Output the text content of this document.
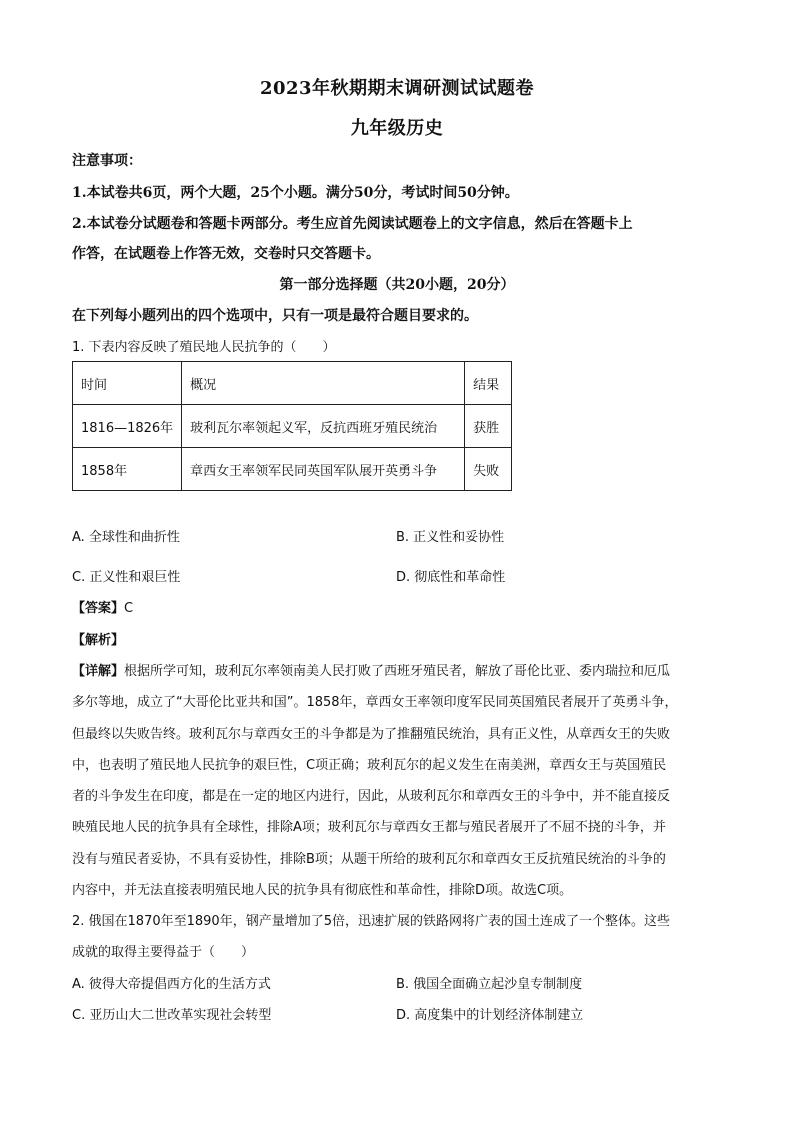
2023年秋期期末调研测试试题卷
九年级历史
注意事项：
1.本试卷共6页，两个大题，25个小题。满分50分，考试时间50分钟。
2.本试卷分试题卷和答题卡两部分。考生应首先阅读试题卷上的文字信息，然后在答题卡上
作答，在试题卷上作答无效，交卷时只交答题卡。
第一部分选择题（共20小题，20分）
在下列每小题列出的四个选项中，只有一项是最符合题目要求的。
1. 下表内容反映了殖民地人民抗争的（　　）
时间	概况	结果
1816—1826年	玻利瓦尔率领起义军，反抗西班牙殖民统治	获胜
1858年	章西女王率领军民同英国军队展开英勇斗争	失败
A. 全球性和曲折性	B. 正义性和妥协性
C. 正义性和艰巨性	D. 彻底性和革命性
【答案】C
【解析】
【详解】根据所学可知，玻利瓦尔率领南美人民打败了西班牙殖民者，解放了哥伦比亚、委内瑞拉和厄瓜
多尔等地，成立了“大哥伦比亚共和国”。1858年，章西女王率领印度军民同英国殖民者展开了英勇斗争，
但最终以失败告终。玻利瓦尔与章西女王的斗争都是为了推翻殖民统治，具有正义性，从章西女王的失败
中，也表明了殖民地人民抗争的艰巨性，C项正确；玻利瓦尔的起义发生在南美洲，章西女王与英国殖民
者的斗争发生在印度，都是在一定的地区内进行，因此，从玻利瓦尔和章西女王的斗争中，并不能直接反
映殖民地人民的抗争具有全球性，排除A项；玻利瓦尔与章西女王都与殖民者展开了不屈不挠的斗争，并
没有与殖民者妥协，不具有妥协性，排除B项；从题干所给的玻利瓦尔和章西女王反抗殖民统治的斗争的
内容中，并无法直接表明殖民地人民的抗争具有彻底性和革命性，排除D项。故选C项。
2. 俄国在1870年至1890年，钢产量增加了5倍，迅速扩展的铁路网将广表的国土连成了一个整体。这些
成就的取得主要得益于（　　）
A. 彼得大帝提倡西方化的生活方式	B. 俄国全面确立起沙皇专制制度
C. 亚历山大二世改革实现社会转型	D. 高度集中的计划经济体制建立
